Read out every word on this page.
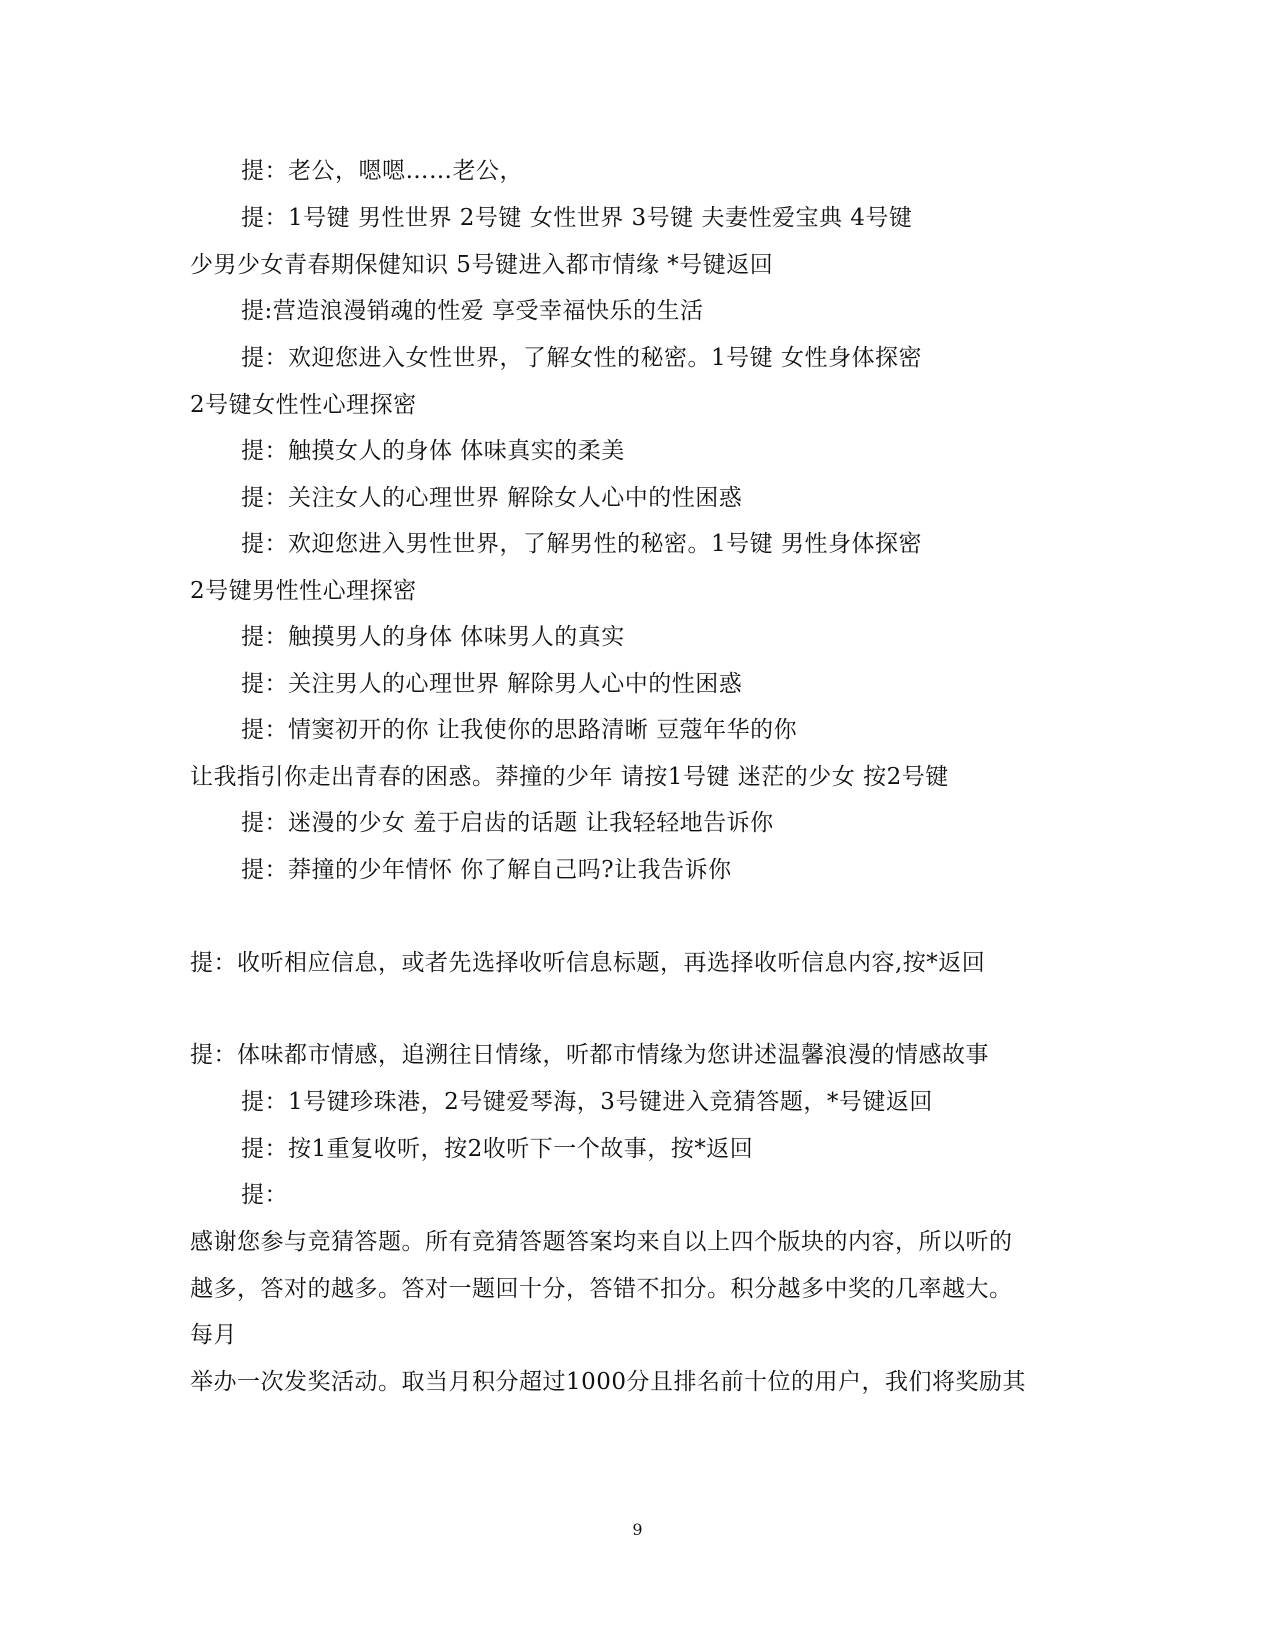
提：老公，嗯嗯……老公，

提：1号键 男性世界 2号键 女性世界 3号键 夫妻性爱宝典 4号键

少男少女青春期保健知识 5号键进入都市情缘 *号键返回

提:营造浪漫销魂的性爱 享受幸福快乐的生活

提：欢迎您进入女性世界，了解女性的秘密。1号键 女性身体探密

2号键女性性心理探密

提：触摸女人的身体 体味真实的柔美

提：关注女人的心理世界 解除女人心中的性困惑

提：欢迎您进入男性世界，了解男性的秘密。1号键 男性身体探密

2号键男性性心理探密

提：触摸男人的身体 体味男人的真实

提：关注男人的心理世界 解除男人心中的性困惑

提：情窦初开的你 让我使你的思路清晰 豆蔻年华的你

让我指引你走出青春的困惑。莽撞的少年 请按1号键 迷茫的少女 按2号键

提：迷漫的少女 羞于启齿的话题 让我轻轻地告诉你

提：莽撞的少年情怀 你了解自己吗?让我告诉你

提：收听相应信息，或者先选择收听信息标题，再选择收听信息内容,按*返回

提：体味都市情感，追溯往日情缘，听都市情缘为您讲述温馨浪漫的情感故事

提：1号键珍珠港，2号键爱琴海，3号键进入竞猜答题，*号键返回

提：按1重复收听，按2收听下一个故事，按*返回

提：

感谢您参与竞猜答题。所有竞猜答题答案均来自以上四个版块的内容，所以听的

越多，答对的越多。答对一题回十分，答错不扣分。积分越多中奖的几率越大。

每月

举办一次发奖活动。取当月积分超过1000分且排名前十位的用户，我们将奖励其

9
